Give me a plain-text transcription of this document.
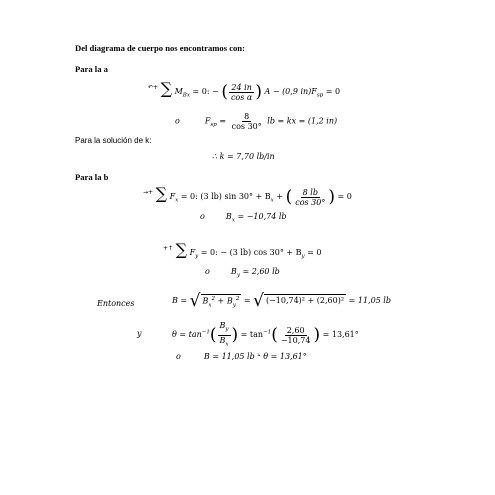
Del diagrama de cuerpo nos encontramos con:
Para la a
↶+ ∑ $M_{Bx} = 0$: − ( $\frac{24 in}{\text{cos α}}$ ) A − (0,9 $in)F_{sp} = 0$
o	$F_{sp} = \frac{8}{\cos 30^\circ}$ lb = kx = (1,2 in)
Para la solución de k:
∴ k = 7,70 lb/in
Para la b
→+ ∑ $F_x = 0$: (3 lb) $\sin 30^\circ + B_x$ + ( $\frac{8 lb}{\cos 30^\circ}$ ) = 0
o	$B_x = -10,74$ lb
+↑ ∑ $F_y = 0$: − (3 lb) $\cos 30^\circ + B_y = 0$
o	$B_y = 2,60$ lb
Entonces	B = √ $B_x^2 + B_y^2$ = √ (−10,74)² + (2,60)² = 11,05 lb
y	$\theta = \tan^{-1}( \frac{B_y}{B_x}$ ) = $\tan^{-1}( \frac{2,60}{-10,74}$ ) = 13,61°
o	B = 11,05 lb ⦣ θ = 13,61°
